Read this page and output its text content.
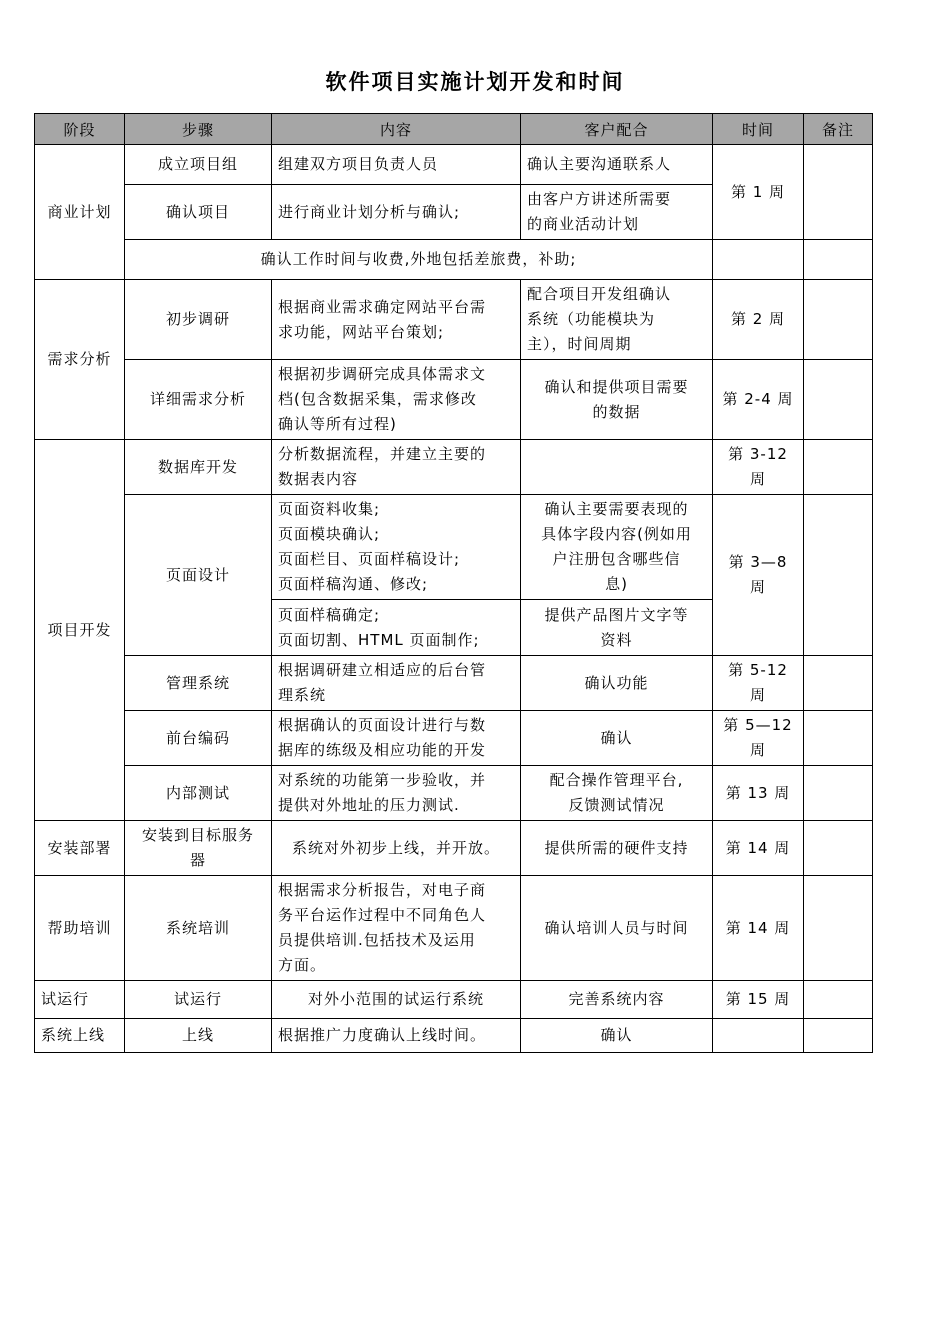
软件项目实施计划开发和时间
阶段	步骤	内容	客户配合	时间	备注
商业计划	成立项目组	组建双方项目负责人员	确认主要沟通联系人	第 1 周	
	确认项目	进行商业计划分析与确认;	由客户方讲述所需要
的商业活动计划		

	确认工作时间与收费,外地包括差旅费，补助;				
需求分析	初步调研	根据商业需求确定网站平台需
求功能，网站平台策划;	配合项目开发组确认
系统（功能模块为
主），时间周期	第 2 周	
	详细需求分析	根据初步调研完成具体需求文
档(包含数据采集，需求修改
确认等所有过程)	确认和提供项目需要
的数据	第 2-4 周	
项目开发	数据库开发	分析数据流程，并建立主要的
数据表内容		第 3-12
周	

	页面设计	页面资料收集;
页面模块确认;
页面栏目、页面样稿设计;
页面样稿沟通、修改;	确认主要需要表现的
具体字段内容(例如用
户注册包含哪些信
息)	第 3—8
周	

		页面样稿确定;
页面切割、HTML 页面制作;	提供产品图片文字等
资料		

	管理系统	根据调研建立相适应的后台管
理系统	确认功能	第 5-12
周	

	前台编码	根据确认的页面设计进行与数
据库的练级及相应功能的开发	确认	第 5—12
周	

	内部测试	对系统的功能第一步验收，并
提供对外地址的压力测试.	配合操作管理平台,
反馈测试情况	第 13 周	

安装部署	安装到目标服务
器	系统对外初步上线，并开放。	提供所需的硬件支持	第 14 周	
帮助培训	系统培训	根据需求分析报告，对电子商
务平台运作过程中不同角色人
员提供培训.包括技术及运用
方面。	确认培训人员与时间	第 14 周	
试运行	试运行	对外小范围的试运行系统	完善系统内容	第 15 周	
系统上线	上线	根据推广力度确认上线时间。	确认		
